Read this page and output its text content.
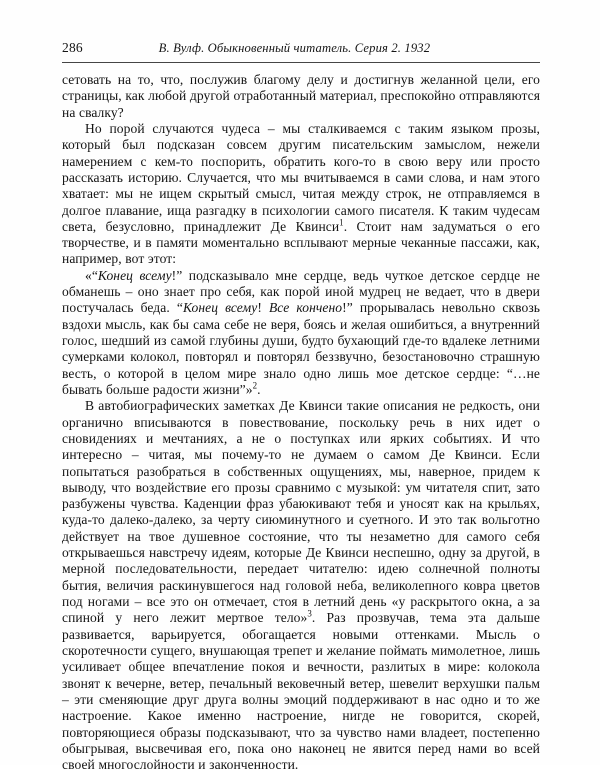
286	В. Вулф. Обыкновенный читатель. Серия 2. 1932

сетовать на то, что, послужив благому делу и достигнув желанной цели, его страницы, как любой другой отработанный материал, преспокойно отправляются на свалку?

Но порой случаются чудеса – мы сталкиваемся с таким языком прозы, который был подсказан совсем другим писательским замыслом, нежели намерением с кем-то поспорить, обратить кого-то в свою веру или просто рассказать историю. Случается, что мы вчитываемся в сами слова, и нам этого хватает: мы не ищем скрытый смысл, читая между строк, не отправляемся в долгое плавание, ища разгадку в психологии самого писателя. К таким чудесам света, безусловно, принадлежит Де Квинси$^1$. Стоит нам задуматься о его творчестве, и в памяти моментально всплывают мерные чеканные пассажи, как, например, вот этот:

«“Конец всему!” подсказывало мне сердце, ведь чуткое детское сердце не обманешь – оно знает про себя, как порой иной мудрец не ведает, что в двери постучалась беда. “Конец всему! Все кончено!” прорывалась невольно сквозь вздохи мысль, как бы сама себе не веря, боясь и желая ошибиться, а внутренний голос, шедший из самой глубины души, будто бухающий где-то вдалеке летними сумерками колокол, повторял и повторял беззвучно, безостановочно страшную весть, о которой в целом мире знало одно лишь мое детское сердце: “…не бывать больше радости жизни”»$^2$.

В автобиографических заметках Де Квинси такие описания не редкость, они органично вписываются в повествование, поскольку речь в них идет о сновидениях и мечтаниях, а не о поступках или ярких событиях. И что интересно – читая, мы почему-то не думаем о самом Де Квинси. Если попытаться разобраться в собственных ощущениях, мы, наверное, придем к выводу, что воздействие его прозы сравнимо с музыкой: ум читателя спит, зато разбужены чувства. Каденции фраз убаюкивают тебя и уносят как на крыльях, куда-то далеко-далеко, за черту сиюминутного и суетного. И это так вольготно действует на твое душевное состояние, что ты незаметно для самого себя открываешься навстречу идеям, которые Де Квинси неспешно, одну за другой, в мерной последовательности, передает читателю: идею солнечной полноты бытия, величия раскинувшегося над головой неба, великолепного ковра цветов под ногами – все это он отмечает, стоя в летний день «у раскрытого окна, а за спиной у него лежит мертвое тело»$^3$. Раз прозвучав, тема эта дальше развивается, варьируется, обогащается новыми оттенками. Мысль о скоротечности сущего, внушающая трепет и желание поймать мимолетное, лишь усиливает общее впечатление покоя и вечности, разлитых в мире: колокола звонят к вечерне, ветер, печальный вековечный ветер, шевелит верхушки пальм – эти сменяющие друг друга волны эмоций поддерживают в нас одно и то же настроение. Какое именно настроение, нигде не говорится, скорей, повторяющиеся образы подсказывают, что за чувство нами владеет, постепенно обыгрывая, высвечивая его, пока оно наконец не явится перед нами во всей своей многослойности и законченности.
